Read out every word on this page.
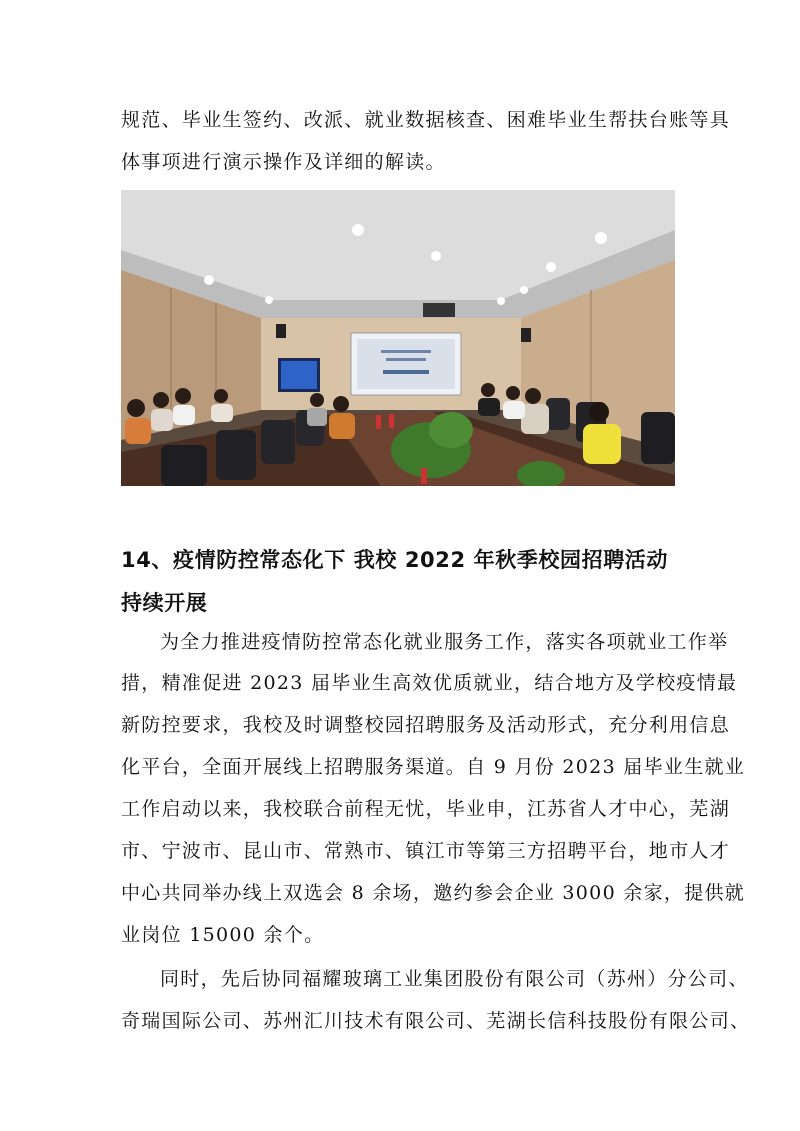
规范、毕业生签约、改派、就业数据核查、困难毕业生帮扶台账等具
体事项进行演示操作及详细的解读。
14、疫情防控常态化下 我校 2022 年秋季校园招聘活动
持续开展
为全力推进疫情防控常态化就业服务工作，落实各项就业工作举
措，精准促进 2023 届毕业生高效优质就业，结合地方及学校疫情最
新防控要求，我校及时调整校园招聘服务及活动形式，充分利用信息
化平台，全面开展线上招聘服务渠道。自 9 月份 2023 届毕业生就业
工作启动以来，我校联合前程无忧，毕业申，江苏省人才中心，芜湖
市、宁波市、昆山市、常熟市、镇江市等第三方招聘平台，地市人才
中心共同举办线上双选会 8 余场，邀约参会企业 3000 余家，提供就
业岗位 15000 余个。
同时，先后协同福耀玻璃工业集团股份有限公司（苏州）分公司、
奇瑞国际公司、苏州汇川技术有限公司、芜湖长信科技股份有限公司、
